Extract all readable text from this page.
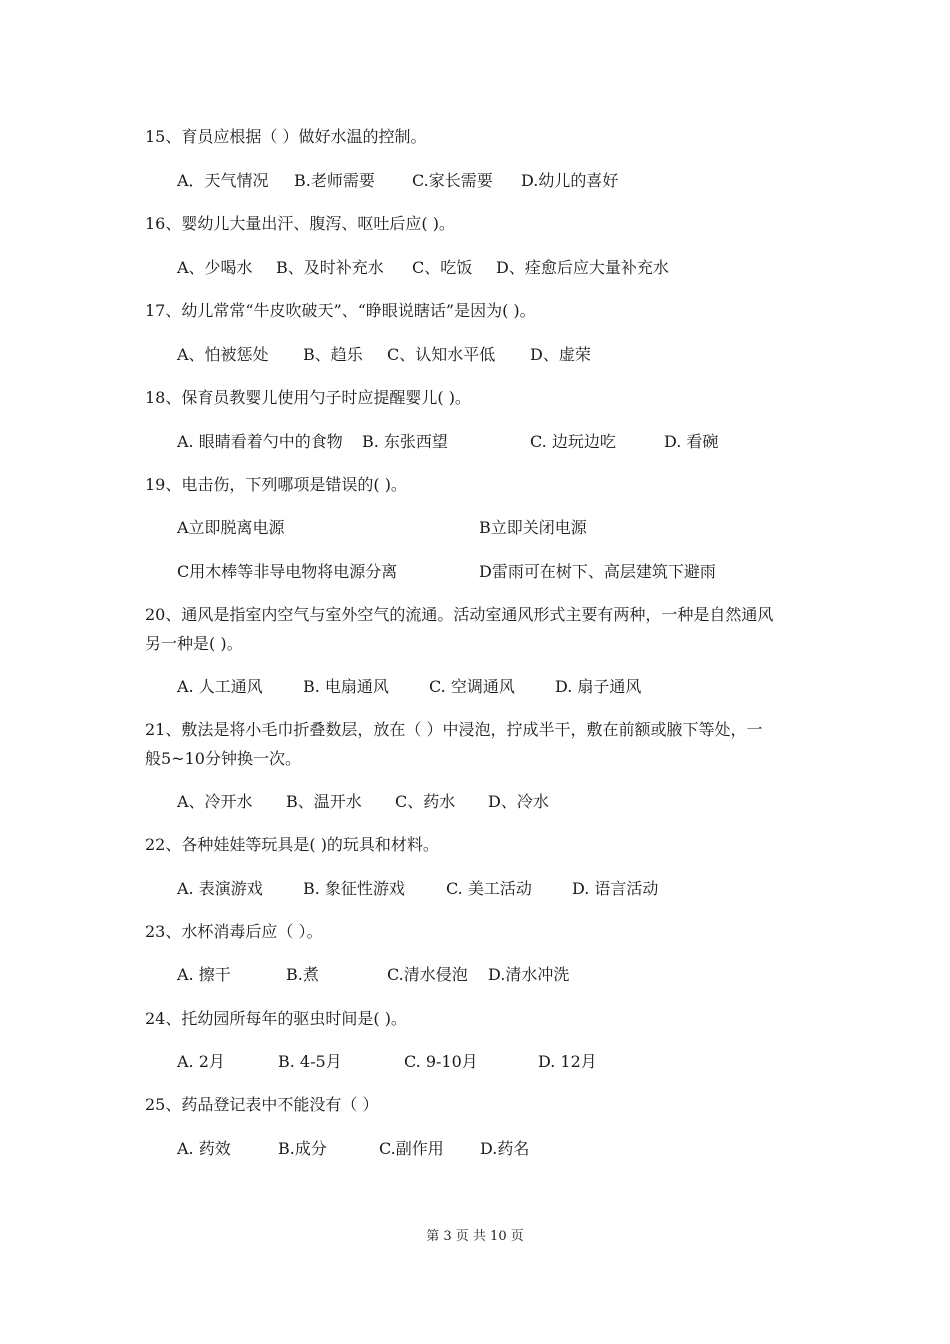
15、育员应根据（ ）做好水温的控制。
A．天气情况 B.老师需要 C.家长需要 D.幼儿的喜好
16、婴幼儿大量出汗、腹泻、呕吐后应( )。
A、少喝水 B、及时补充水 C、吃饭 D、痊愈后应大量补充水
17、幼儿常常“牛皮吹破天”、“睁眼说瞎话”是因为( )。
A、怕被惩处 B、趋乐 C、认知水平低 D、虚荣
18、保育员教婴儿使用勺子时应提醒婴儿( )。
A. 眼睛看着勺中的食物 B. 东张西望	C. 边玩边吃	D. 看碗
19、电击伤，下列哪项是错误的( )。
A立即脱离电源	B立即关闭电源
C用木棒等非导电物将电源分离	D雷雨可在树下、高层建筑下避雨
20、通风是指室内空气与室外空气的流通。活动室通风形式主要有两种，一种是自然通风
另一种是( )。
A. 人工通风	B. 电扇通风	C. 空调通风	D. 扇子通风
21、敷法是将小毛巾折叠数层，放在（ ）中浸泡，拧成半干，敷在前额或腋下等处，一
般5~10分钟换一次。
A、冷开水 B、温开水 C、药水 D、冷水
22、各种娃娃等玩具是( )的玩具和材料。
A. 表演游戏	B. 象征性游戏	C. 美工活动	D. 语言活动
23、水杯消毒后应（ ）。
A. 擦干	B.煮	C.清水侵泡 D.清水冲洗
24、托幼园所每年的驱虫时间是( )。
A. 2月	B. 4-5月	C. 9-10月	D. 12月
25、药品登记表中不能没有（ ）
A. 药效	B.成分	C.副作用 D.药名
第 3 页 共 10 页
